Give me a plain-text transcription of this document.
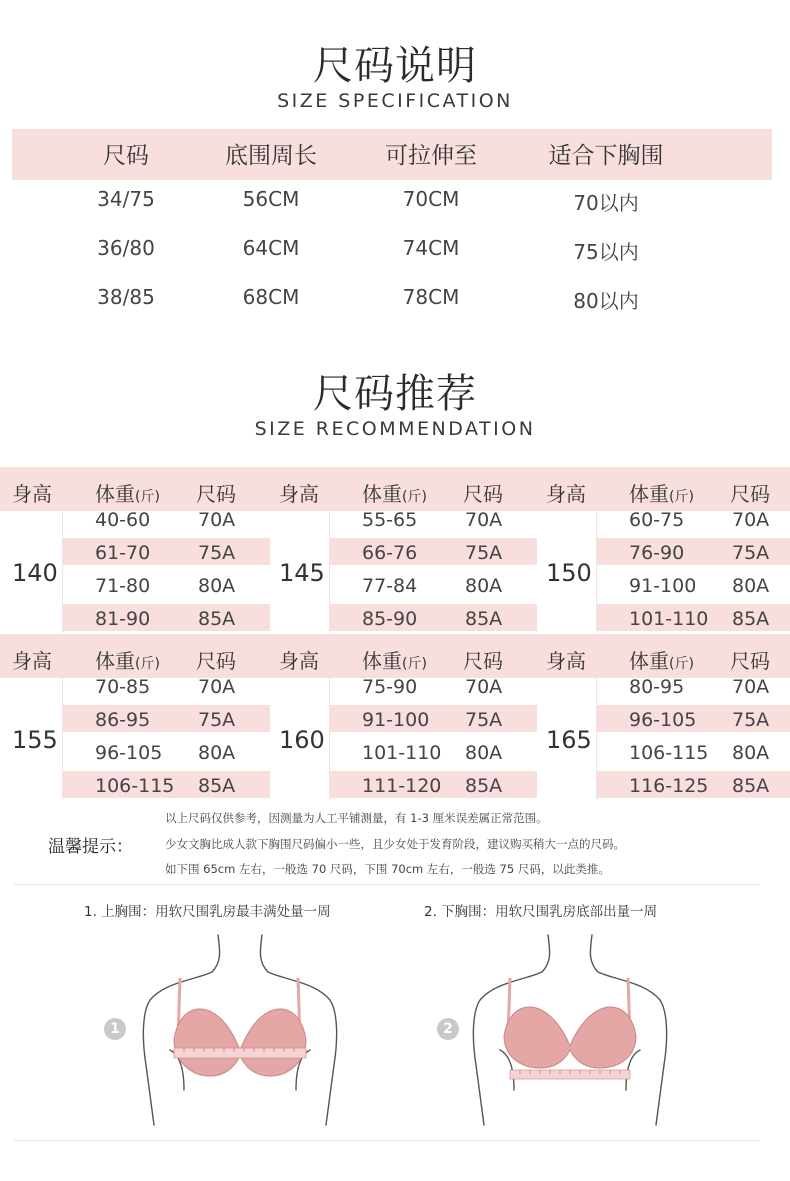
尺码说明
SIZE SPECIFICATION
尺码	底围周长	可拉伸至	适合下胸围
34/75	56CM	70CM	70以内
36/80	64CM	74CM	75以内
38/85	68CM	78CM	80以内
尺码推荐
SIZE RECOMMENDATION
身高 体重(斤) 尺码
140
40-60	70A
61-70	75A
71-80	80A
81-90	85A
身高 体重(斤) 尺码
145
55-65	70A
66-76	75A
77-84	80A
85-90	85A
身高 体重(斤) 尺码
150
60-75	70A
76-90	75A
91-100 80A
101-110 85A
身高 体重(斤) 尺码
155
70-85	70A
86-95	75A
96-105 80A
106-115 85A
身高 体重(斤) 尺码
160
75-90	70A
91-100 75A
101-110 80A
111-120 85A
身高 体重(斤) 尺码
165
80-95	70A
96-105 75A
106-115 80A
116-125 85A
温馨提示：
以上尺码仅供参考，因测量为人工平铺测量，有 1-3 厘米误差属正常范围。
少女文胸比成人款下胸围尺码偏小一些，且少女处于发育阶段，建议购买稍大一点的尺码。
如下围 65cm 左右，一般选 70 尺码，下围 70cm 左右，一般选 75 尺码，以此类推。
1. 上胸围：用软尺围乳房最丰满处量一周	2. 下胸围：用软尺围乳房底部出量一周
1	2
